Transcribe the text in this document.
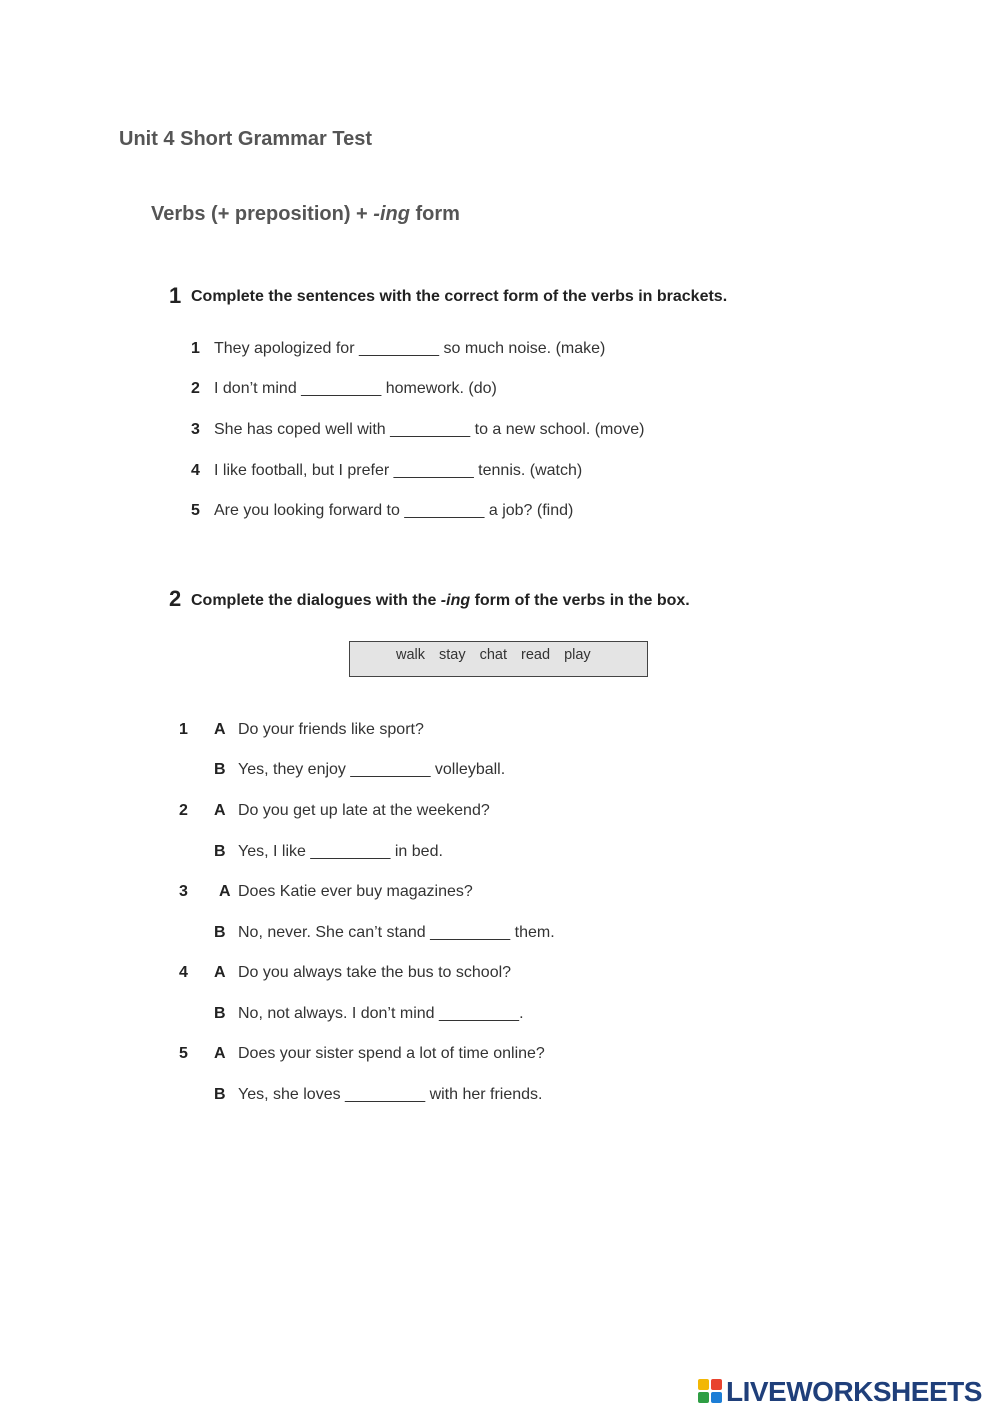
Unit 4 Short Grammar Test
Verbs (+ preposition) + -ing form
1 Complete the sentences with the correct form of the verbs in brackets.
1 They apologized for _________ so much noise. (make)
2 I don’t mind _________ homework. (do)
3 She has coped well with _________ to a new school. (move)
4 I like football, but I prefer _________ tennis. (watch)
5 Are you looking forward to _________ a job? (find)
2 Complete the dialogues with the -ing form of the verbs in the box.
walk stay chat read play
1 A Do your friends like sport?
B Yes, they enjoy _________ volleyball.
2 A Do you get up late at the weekend?
B Yes, I like _________ in bed.
3 A Does Katie ever buy magazines?
B No, never. She can’t stand _________ them.
4 A Do you always take the bus to school?
B No, not always. I don’t mind _________.
5 A Does your sister spend a lot of time online?
B Yes, she loves _________ with her friends.
LIVEWORKSHEETS
